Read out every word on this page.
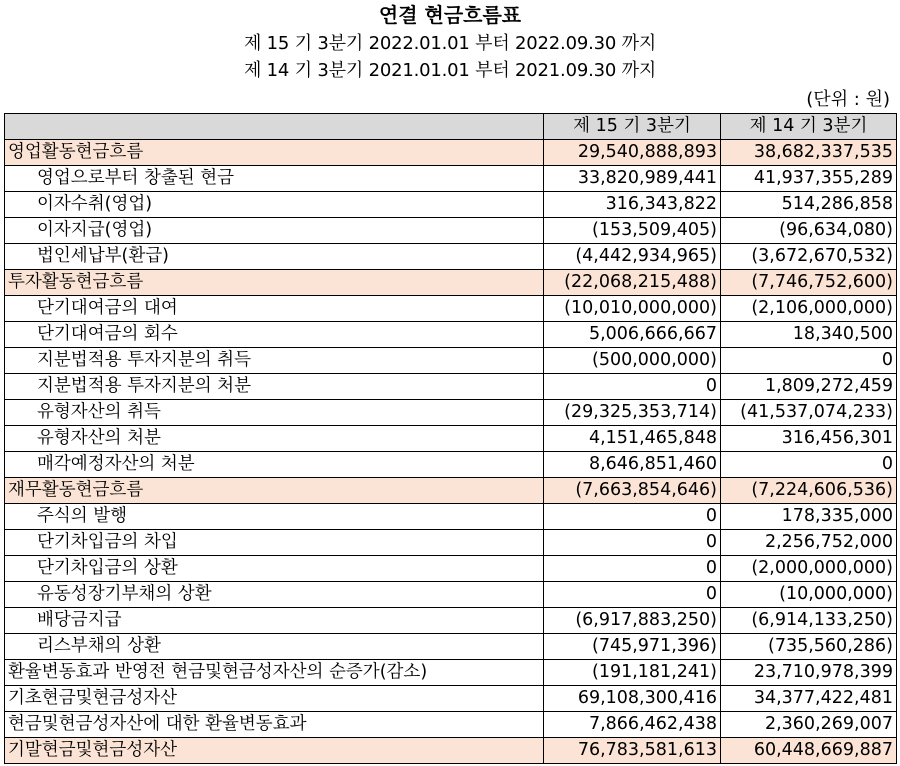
연결 현금흐름표
제 15 기 3분기 2022.01.01 부터 2022.09.30 까지
제 14 기 3분기 2021.01.01 부터 2021.09.30 까지
(단위 : 원)
	제 15 기 3분기	제 14 기 3분기
영업활동현금흐름	29,540,888,893	38,682,337,535
영업으로부터 창출된 현금	33,820,989,441	41,937,355,289
이자수취(영업)	316,343,822	514,286,858
이자지급(영업)	(153,509,405)	(96,634,080)
법인세납부(환급)	(4,442,934,965)	(3,672,670,532)
투자활동현금흐름	(22,068,215,488)	(7,746,752,600)
단기대여금의 대여	(10,010,000,000)	(2,106,000,000)
단기대여금의 회수	5,006,666,667	18,340,500
지분법적용 투자지분의 취득	(500,000,000)	0
지분법적용 투자지분의 처분	0	1,809,272,459
유형자산의 취득	(29,325,353,714)	(41,537,074,233)
유형자산의 처분	4,151,465,848	316,456,301
매각예정자산의 처분	8,646,851,460	0
재무활동현금흐름	(7,663,854,646)	(7,224,606,536)
주식의 발행	0	178,335,000
단기차입금의 차입	0	2,256,752,000
단기차입금의 상환	0	(2,000,000,000)
유동성장기부채의 상환	0	(10,000,000)
배당금지급	(6,917,883,250)	(6,914,133,250)
리스부채의 상환	(745,971,396)	(735,560,286)
환율변동효과 반영전 현금및현금성자산의 순증가(감소)	(191,181,241)	23,710,978,399
기초현금및현금성자산	69,108,300,416	34,377,422,481
현금및현금성자산에 대한 환율변동효과	7,866,462,438	2,360,269,007
기말현금및현금성자산	76,783,581,613	60,448,669,887
